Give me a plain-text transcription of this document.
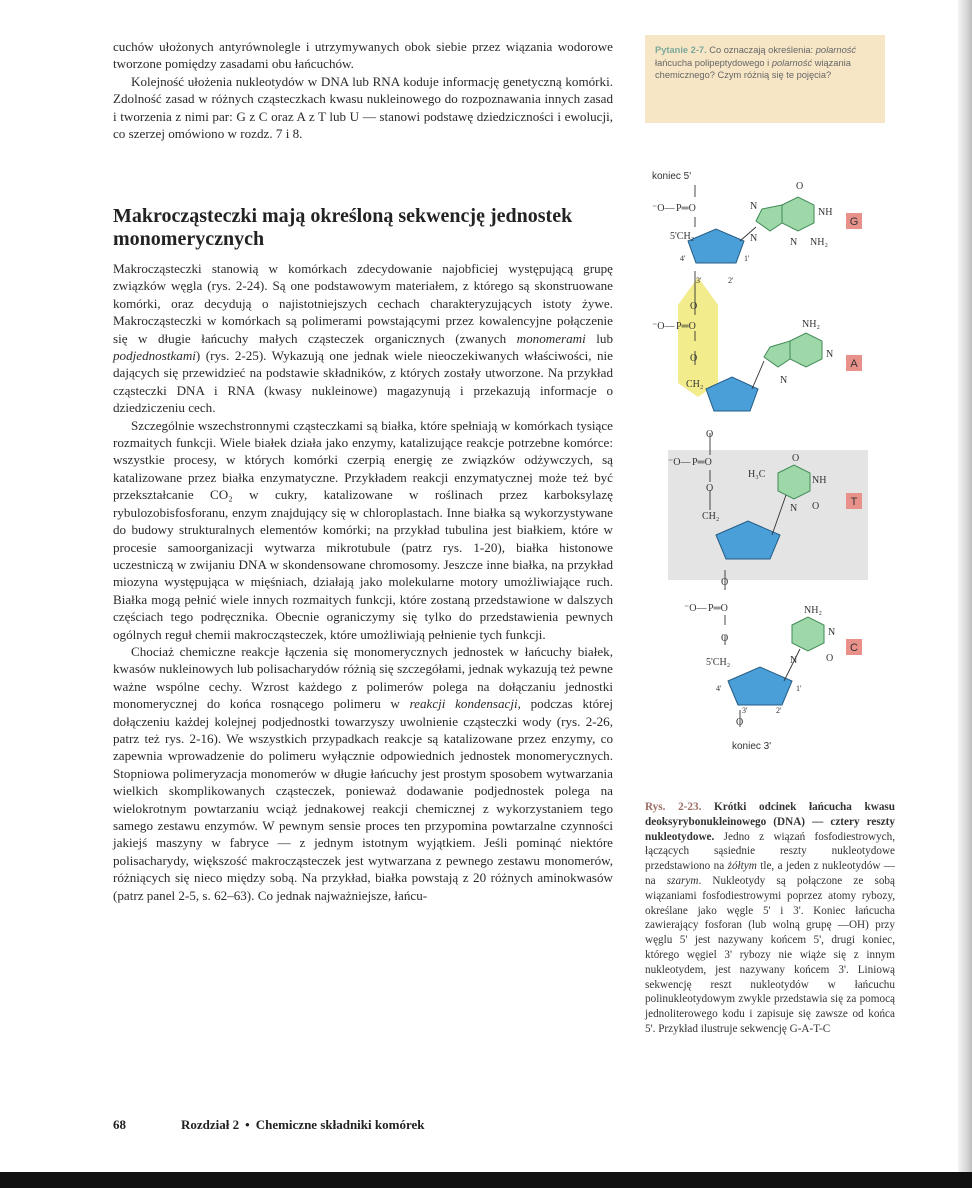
cuchów ułożonych antyrównolegle i utrzymywanych obok siebie przez wiązania wodorowe tworzone pomiędzy zasadami obu łańcuchów.

Kolejność ułożenia nukleotydów w DNA lub RNA koduje informację genetyczną komórki. Zdolność zasad w różnych cząsteczkach kwasu nukleinowego do rozpoznawania innych zasad i tworzenia z nimi par: G z C oraz A z T lub U — stanowi podstawę dziedziczności i ewolucji, co szerzej omówiono w rozdz. 7 i 8.

Makrocząsteczki mają określoną sekwencję jednostek monomerycznych

Makrocząsteczki stanowią w komórkach zdecydowanie najobficiej występującą grupę związków węgla (rys. 2-24). Są one podstawowym materiałem, z którego są skonstruowane komórki, oraz decydują o najistotniejszych cechach charakteryzujących istoty żywe. Makrocząsteczki w komórkach są polimerami powstającymi przez kowalencyjne połączenie się w długie łańcuchy małych cząsteczek organicznych (zwanych monomerami lub podjednostkami) (rys. 2-25). Wykazują one jednak wiele nieoczekiwanych właściwości, nie dających się przewidzieć na podstawie składników, z których zostały utworzone. Na przykład cząsteczki DNA i RNA (kwasy nukleinowe) magazynują i przekazują informacje o dziedziczeniu cech.

Szczególnie wszechstronnymi cząsteczkami są białka, które spełniają w komórkach tysiące rozmaitych funkcji. Wiele białek działa jako enzymy, katalizujące reakcje potrzebne komórce: wszystkie procesy, w których komórki czerpią energię ze związków odżywczych, są katalizowane przez białka enzymatyczne. Przykładem reakcji enzymatycznej może też być przekształcanie CO₂ w cukry, katalizowane w roślinach przez karboksylazę rybulozobisfosforanu, enzym znajdujący się w chloroplastach. Inne białka są wykorzystywane do budowy strukturalnych elementów komórki; na przykład tubulina jest białkiem, które w procesie samoorganizacji wytwarza mikrotubule (patrz rys. 1-20), białka histonowe uczestniczą w zwijaniu DNA w skondensowane chromosomy. Jeszcze inne białka, na przykład miozyna występująca w mięśniach, działają jako molekularne motory umożliwiające ruch. Białka mogą pełnić wiele innych rozmaitych funkcji, które zostaną przedstawione w dalszych częściach tego podręcznika. Obecnie ograniczymy się tylko do przedstawienia pewnych ogólnych reguł chemii makrocząsteczek, które umożliwiają pełnienie tych funkcji.

Chociaż chemiczne reakcje łączenia się monomerycznych jednostek w łańcuchy białek, kwasów nukleinowych lub polisacharydów różnią się szczegółami, jednak wykazują też pewne ważne wspólne cechy. Wzrost każdego z polimerów polega na dołączaniu jednostki monomerycznej do końca rosnącego polimeru w reakcji kondensacji, podczas której dołączeniu każdej kolejnej podjednostki towarzyszy uwolnienie cząsteczki wody (rys. 2-26, patrz też rys. 2-16). We wszystkich przypadkach reakcje są katalizowane przez enzymy, co zapewnia wprowadzenie do polimeru wyłącznie odpowiednich jednostek monomerycznych. Stopniowa polimeryzacja monomerów w długie łańcuchy jest prostym sposobem wytwarzania wielkich skomplikowanych cząsteczek, ponieważ dodawanie podjednostek polega na wielokrotnym powtarzaniu wciąż jednakowej reakcji chemicznej z wykorzystaniem tego samego zestawu enzymów. W pewnym sensie proces ten przypomina powtarzalne czynności jakiejś maszyny w fabryce — z jednym istotnym wyjątkiem. Jeśli pominąć niektóre polisacharydy, większość makrocząsteczek jest wytwarzana z pewnego zestawu monomerów, różniących się nieco między sobą. Na przykład, białka powstają z 20 różnych aminokwasów (patrz panel 2-5, s. 62–63). Co jednak najważniejsze, łańcu-

Pytanie 2-7. Co oznaczają określenia: polarność łańcucha polipeptydowego i polarność wiązania chemicznego? Czym różnią się te pojęcia?
koniec 5'
koniec 3'
⁻O— P═O
5'CH₂
4'	1'
3'	2'
O
NH
NH₂
N
N	N
⁻O— P═O
O
O
CH₂
NH₂
N
N
O
⁻O— P═O
O
CH₂
O
H₃C
NH
O
N
O
⁻O— P═O
O
5'CH₂
4'	1'
3'	2'
O
NH₂
N
O
N
G
A
T
C
Rys. 2-23. Krótki odcinek łańcucha kwasu deoksyrybonukleinowego (DNA) — cztery reszty nukleotydowe. Jedno z wiązań fosfodiestrowych, łączących sąsiednie reszty nukleotydowe przedstawiono na żółtym tle, a jeden z nukleotydów — na szarym. Nukleotydy są połączone ze sobą wiązaniami fosfodiestrowymi poprzez atomy rybozy, określane jako węgle 5' i 3'. Koniec łańcucha zawierający fosforan (lub wolną grupę —OH) przy węglu 5' jest nazywany końcem 5', drugi koniec, którego węgiel 3' rybozy nie wiąże się z innym nukleotydem, jest nazywany końcem 3'. Liniową sekwencję reszt nukleotydów w łańcuchu polinukleotydowym zwykle przedstawia się za pomocą jednoliterowego kodu i zapisuje się zawsze od końca 5'. Przykład ilustruje sekwencję G-A-T-C
68	Rozdział 2 • Chemiczne składniki komórek
